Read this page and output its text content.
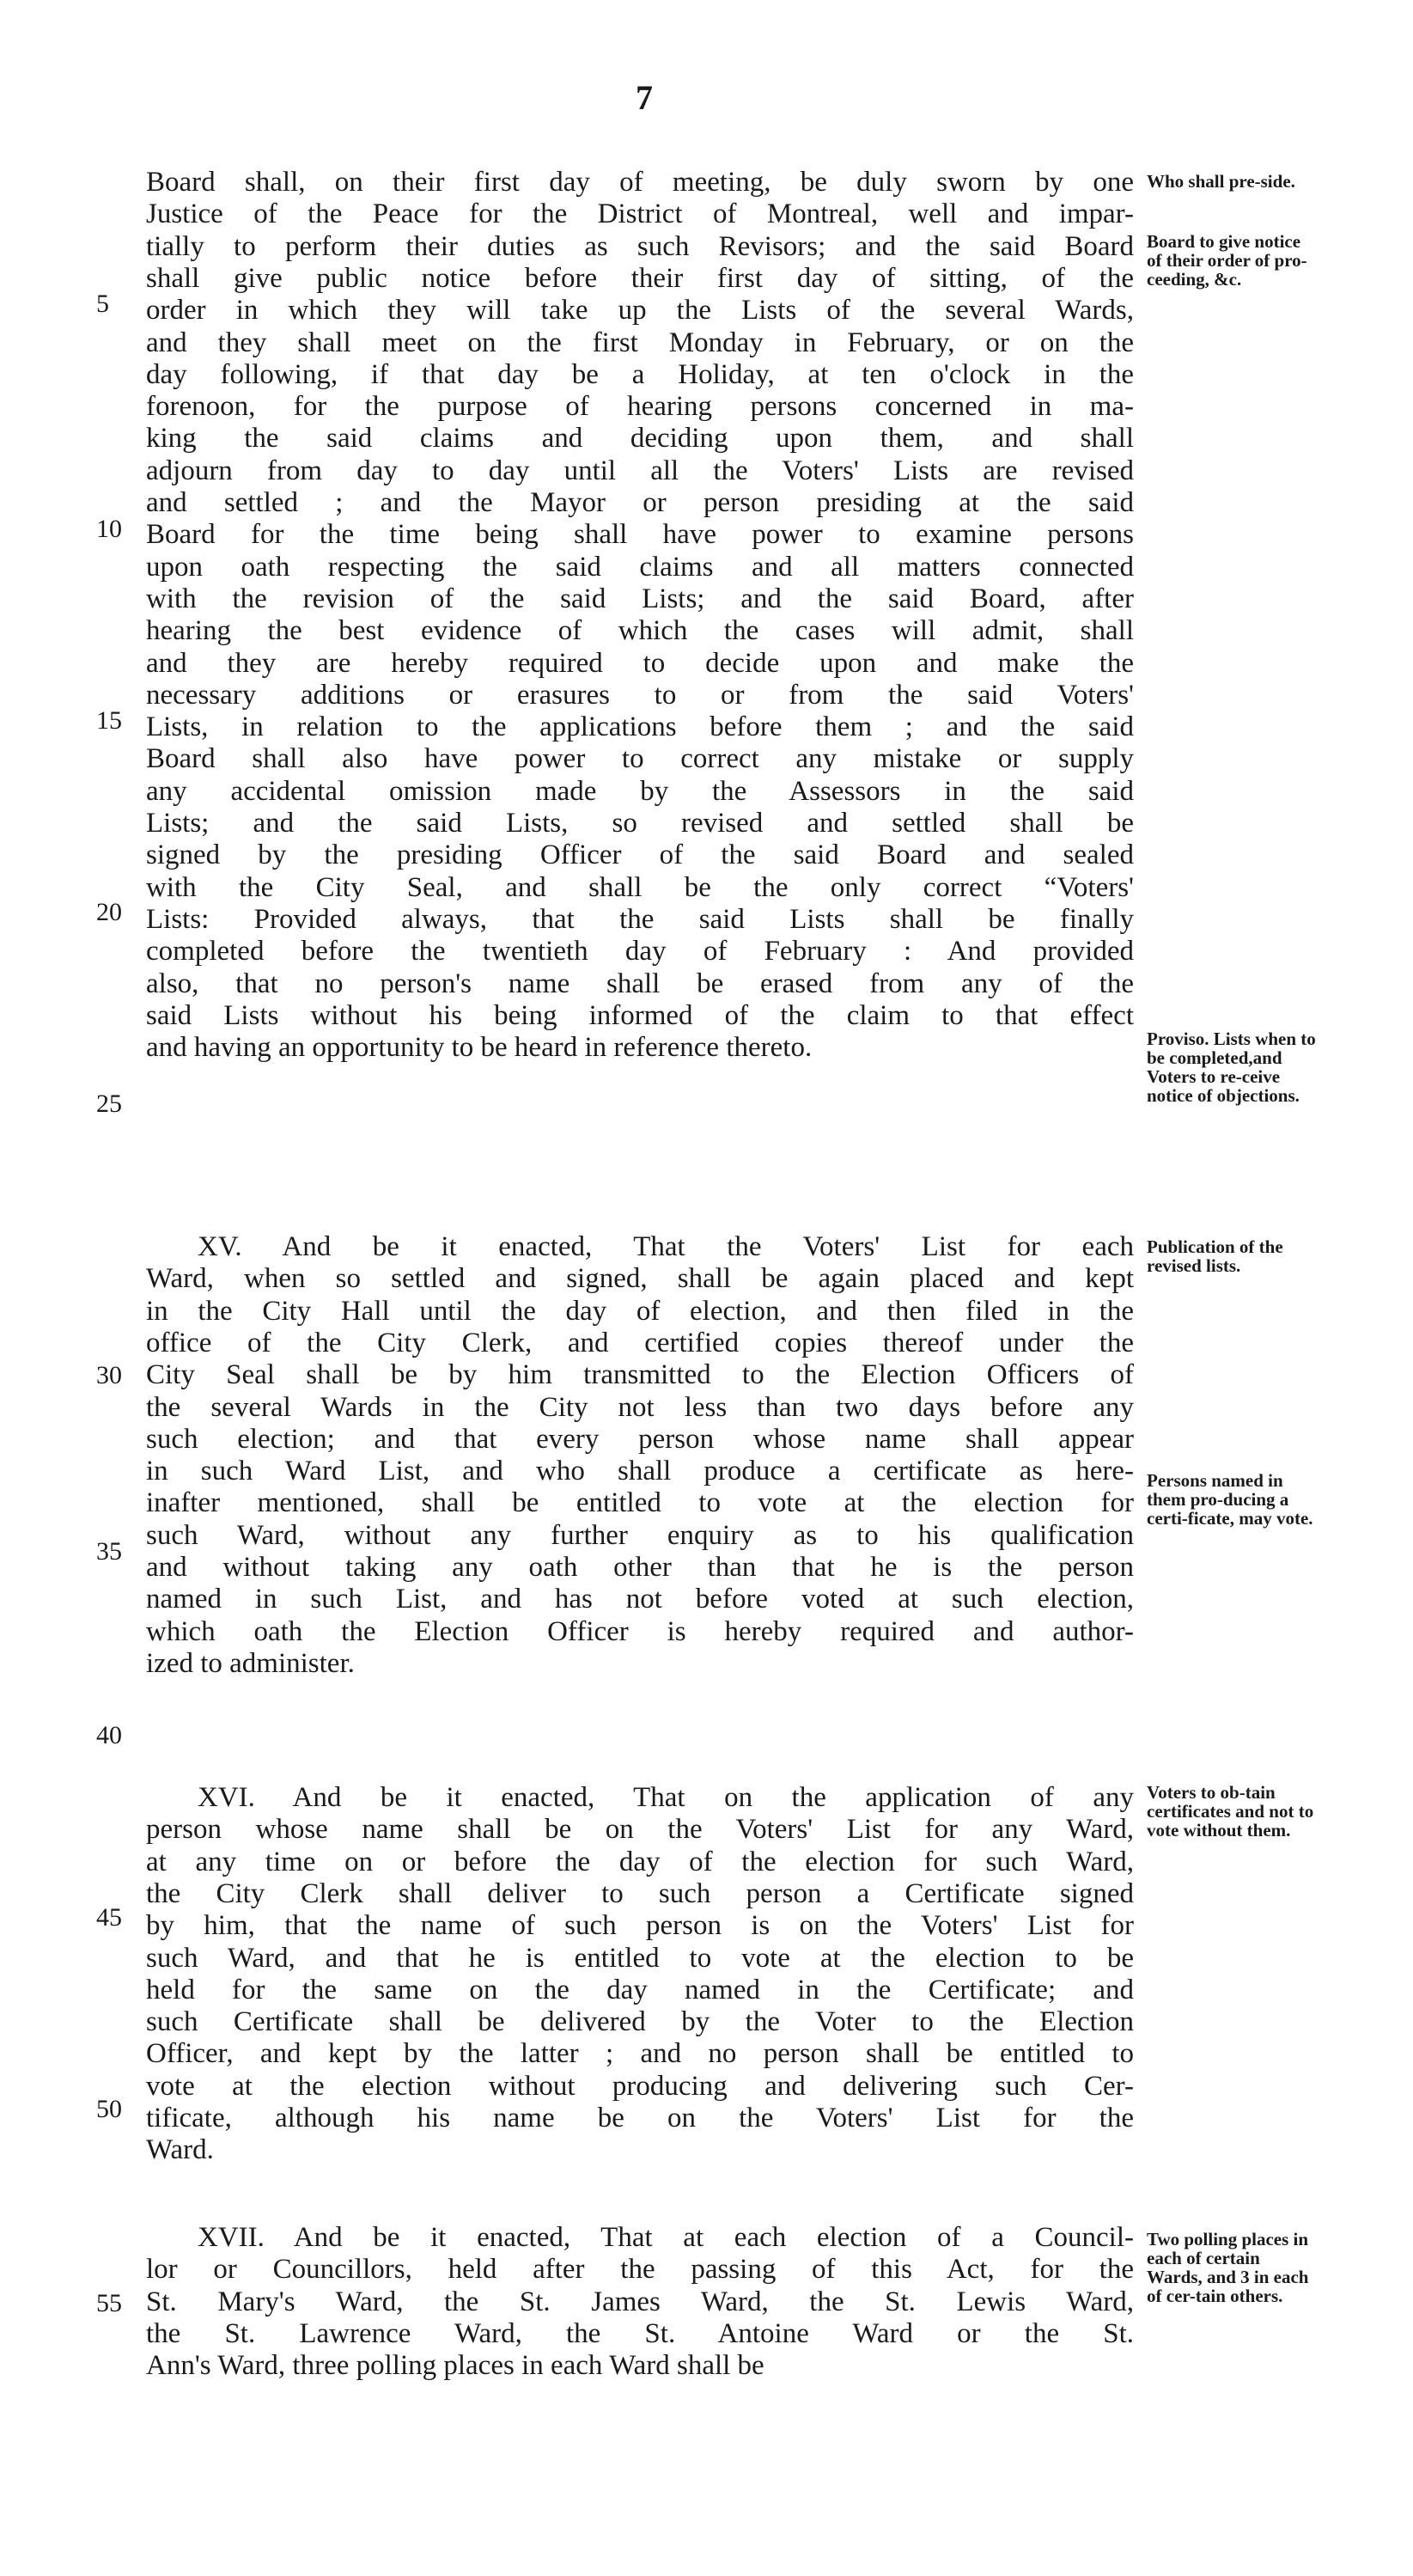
7
Board shall, on their first day of meeting, be duly sworn by one
Justice of the Peace for the District of Montreal, well and impar-
tially to perform their duties as such Revisors; and the said Board
shall give public notice before their first day of sitting, of the
order in which they will take up the Lists of the several Wards,
and they shall meet on the first Monday in February, or on the
day following, if that day be a Holiday, at ten o'clock in the
forenoon, for the purpose of hearing persons concerned in ma-
king the said claims and deciding upon them, and shall
adjourn from day to day until all the Voters' Lists are revised
and settled ; and the Mayor or person presiding at the said
Board for the time being shall have power to examine persons
upon oath respecting the said claims and all matters connected
with the revision of the said Lists; and the said Board, after
hearing the best evidence of which the cases will admit, shall
and they are hereby required to decide upon and make the
necessary additions or erasures to or from the said Voters'
Lists, in relation to the applications before them ; and the said
Board shall also have power to correct any mistake or supply
any accidental omission made by the Assessors in the said
Lists; and the said Lists, so revised and settled shall be
signed by the presiding Officer of the said Board and sealed
with the City Seal, and shall be the only correct “Voters'
Lists: Provided always, that the said Lists shall be finally
completed before the twentieth day of February : And provided
also, that no person's name shall be erased from any of the
said Lists without his being informed of the claim to that effect
and having an opportunity to be heard in reference thereto.
XV. And be it enacted, That the Voters' List for each
Ward, when so settled and signed, shall be again placed and kept
in the City Hall until the day of election, and then filed in the
office of the City Clerk, and certified copies thereof under the
City Seal shall be by him transmitted to the Election Officers of
the several Wards in the City not less than two days before any
such election; and that every person whose name shall appear
in such Ward List, and who shall produce a certificate as here-
inafter mentioned, shall be entitled to vote at the election for
such Ward, without any further enquiry as to his qualification
and without taking any oath other than that he is the person
named in such List, and has not before voted at such election,
which oath the Election Officer is hereby required and author-
ized to administer.
XVI. And be it enacted, That on the application of any
person whose name shall be on the Voters' List for any Ward,
at any time on or before the day of the election for such Ward,
the City Clerk shall deliver to such person a Certificate signed
by him, that the name of such person is on the Voters' List for
such Ward, and that he is entitled to vote at the election to be
held for the same on the day named in the Certificate; and
such Certificate shall be delivered by the Voter to the Election
Officer, and kept by the latter ; and no person shall be entitled to
vote at the election without producing and delivering such Cer-
tificate, although his name be on the Voters' List for the
Ward.
XVII. And be it enacted, That at each election of a Council-
lor or Councillors, held after the passing of this Act, for the
St. Mary's Ward, the St. James Ward, the St. Lewis Ward,
the St. Lawrence Ward, the St. Antoine Ward or the St.
Ann's Ward, three polling places in each Ward shall be
5
10
15
20
25
30
35
40
45
50
55
Who shall pre-side.
Board to give notice of their order of pro-ceeding, &c.
Proviso. Lists when to be completed,and Voters to re-ceive notice of objections.
Publication of the revised lists.
Persons named in them pro-ducing a certi-ficate, may vote.
Voters to ob-tain certificates and not to vote without them.
Two polling places in each of certain Wards, and 3 in each of cer-tain others.
